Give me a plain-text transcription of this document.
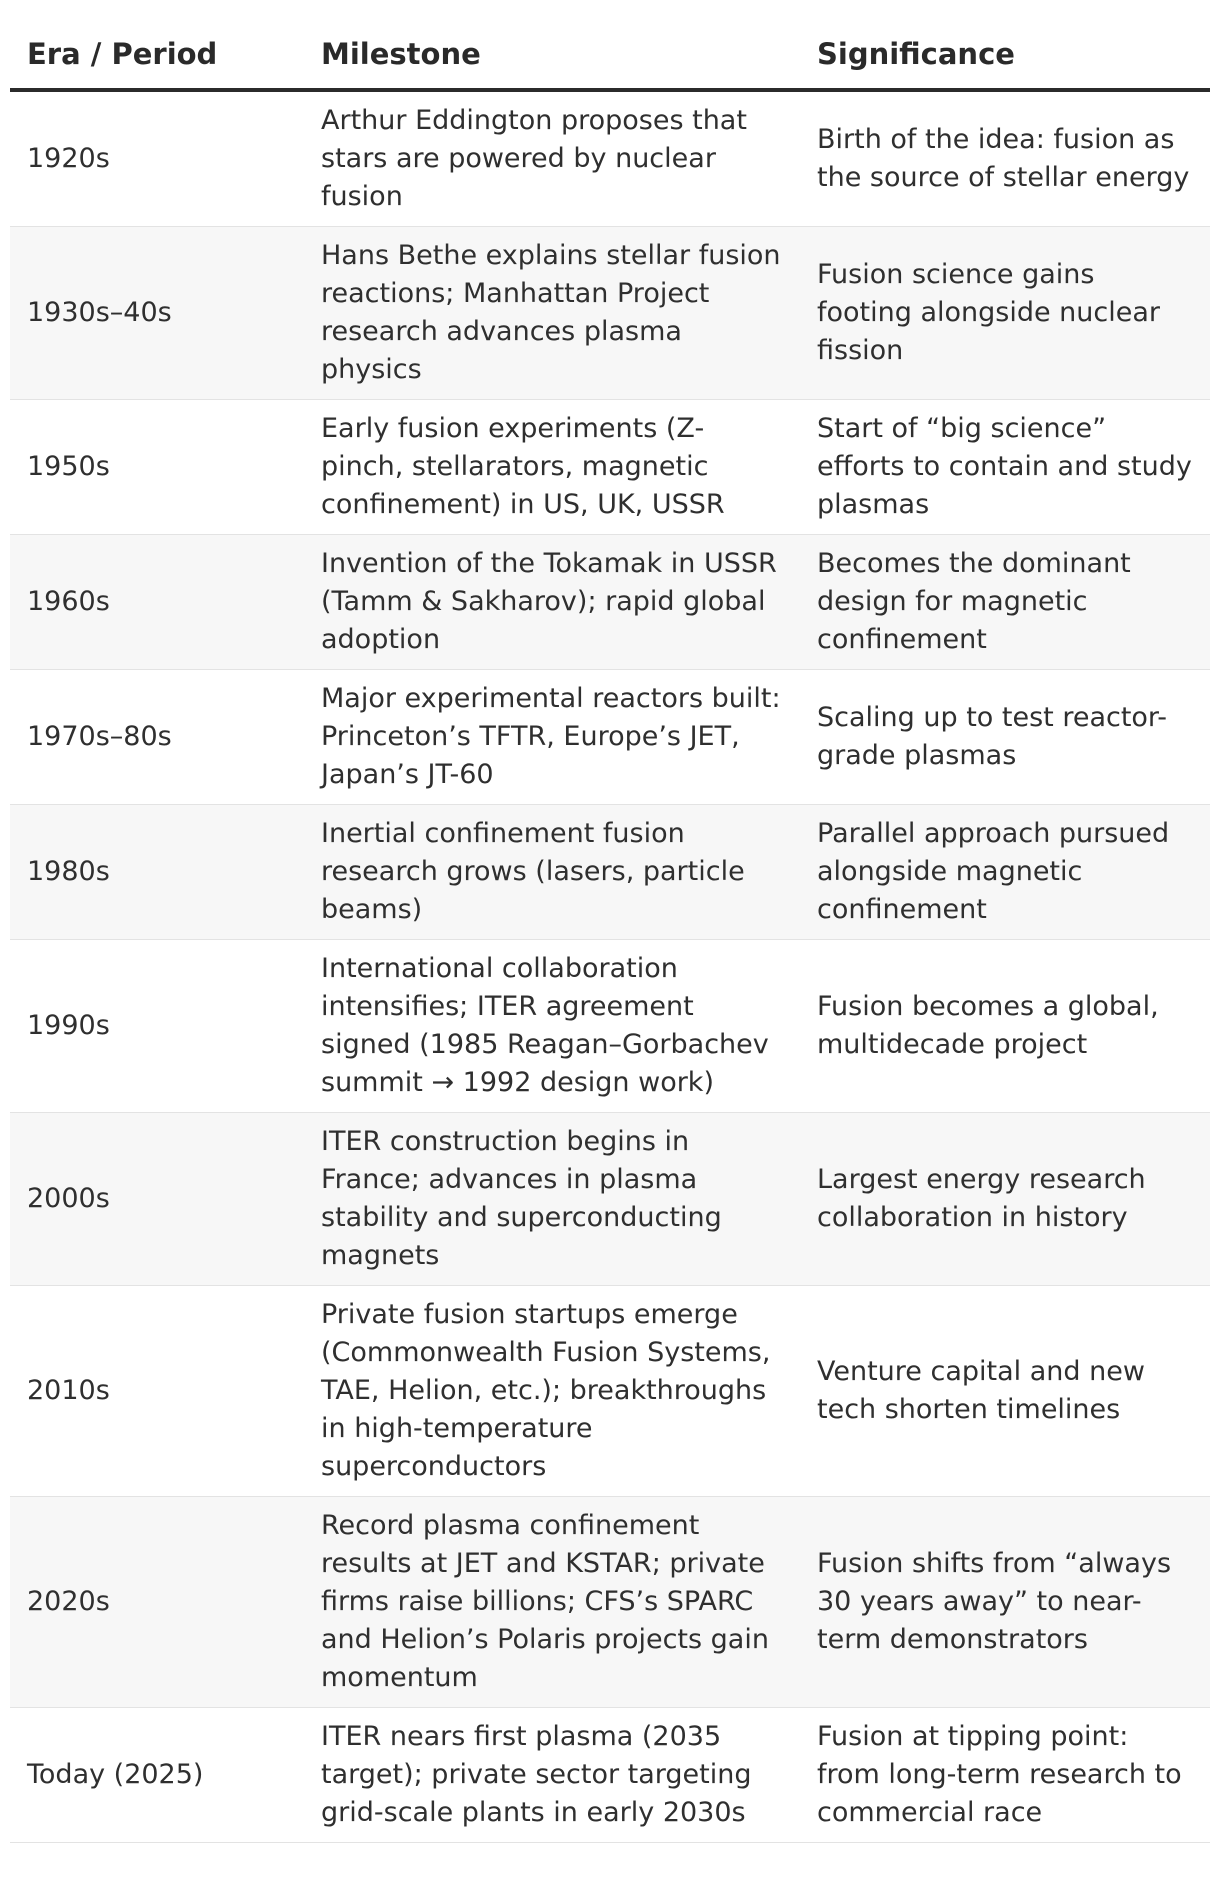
Era / Period	Milestone	Significance
1920s	Arthur Eddington proposes that stars are powered by nuclear fusion	Birth of the idea: fusion as the source of stellar energy
1930s–40s	Hans Bethe explains stellar fusion reactions; Manhattan Project research advances plasma physics	Fusion science gains footing alongside nuclear fission
1950s	Early fusion experiments (Z-pinch, stellarators, magnetic confinement) in US, UK, USSR	Start of “big science” efforts to contain and study plasmas
1960s	Invention of the Tokamak in USSR (Tamm & Sakharov); rapid global adoption	Becomes the dominant design for magnetic confinement
1970s–80s	Major experimental reactors built: Princeton’s TFTR, Europe’s JET, Japan’s JT-60	Scaling up to test reactor-grade plasmas
1980s	Inertial confinement fusion research grows (lasers, particle beams)	Parallel approach pursued alongside magnetic confinement
1990s	International collaboration intensifies; ITER agreement signed (1985 Reagan–Gorbachev summit → 1992 design work)	Fusion becomes a global, multidecade project
2000s	ITER construction begins in France; advances in plasma stability and superconducting magnets	Largest energy research collaboration in history
2010s	Private fusion startups emerge (Commonwealth Fusion Systems, TAE, Helion, etc.); breakthroughs in high-temperature superconductors	Venture capital and new tech shorten timelines
2020s	Record plasma confinement results at JET and KSTAR; private firms raise billions; CFS’s SPARC and Helion’s Polaris projects gain momentum	Fusion shifts from “always 30 years away” to near-term demonstrators
Today (2025)	ITER nears first plasma (2035 target); private sector targeting grid-scale plants in early 2030s	Fusion at tipping point: from long-term research to commercial race
